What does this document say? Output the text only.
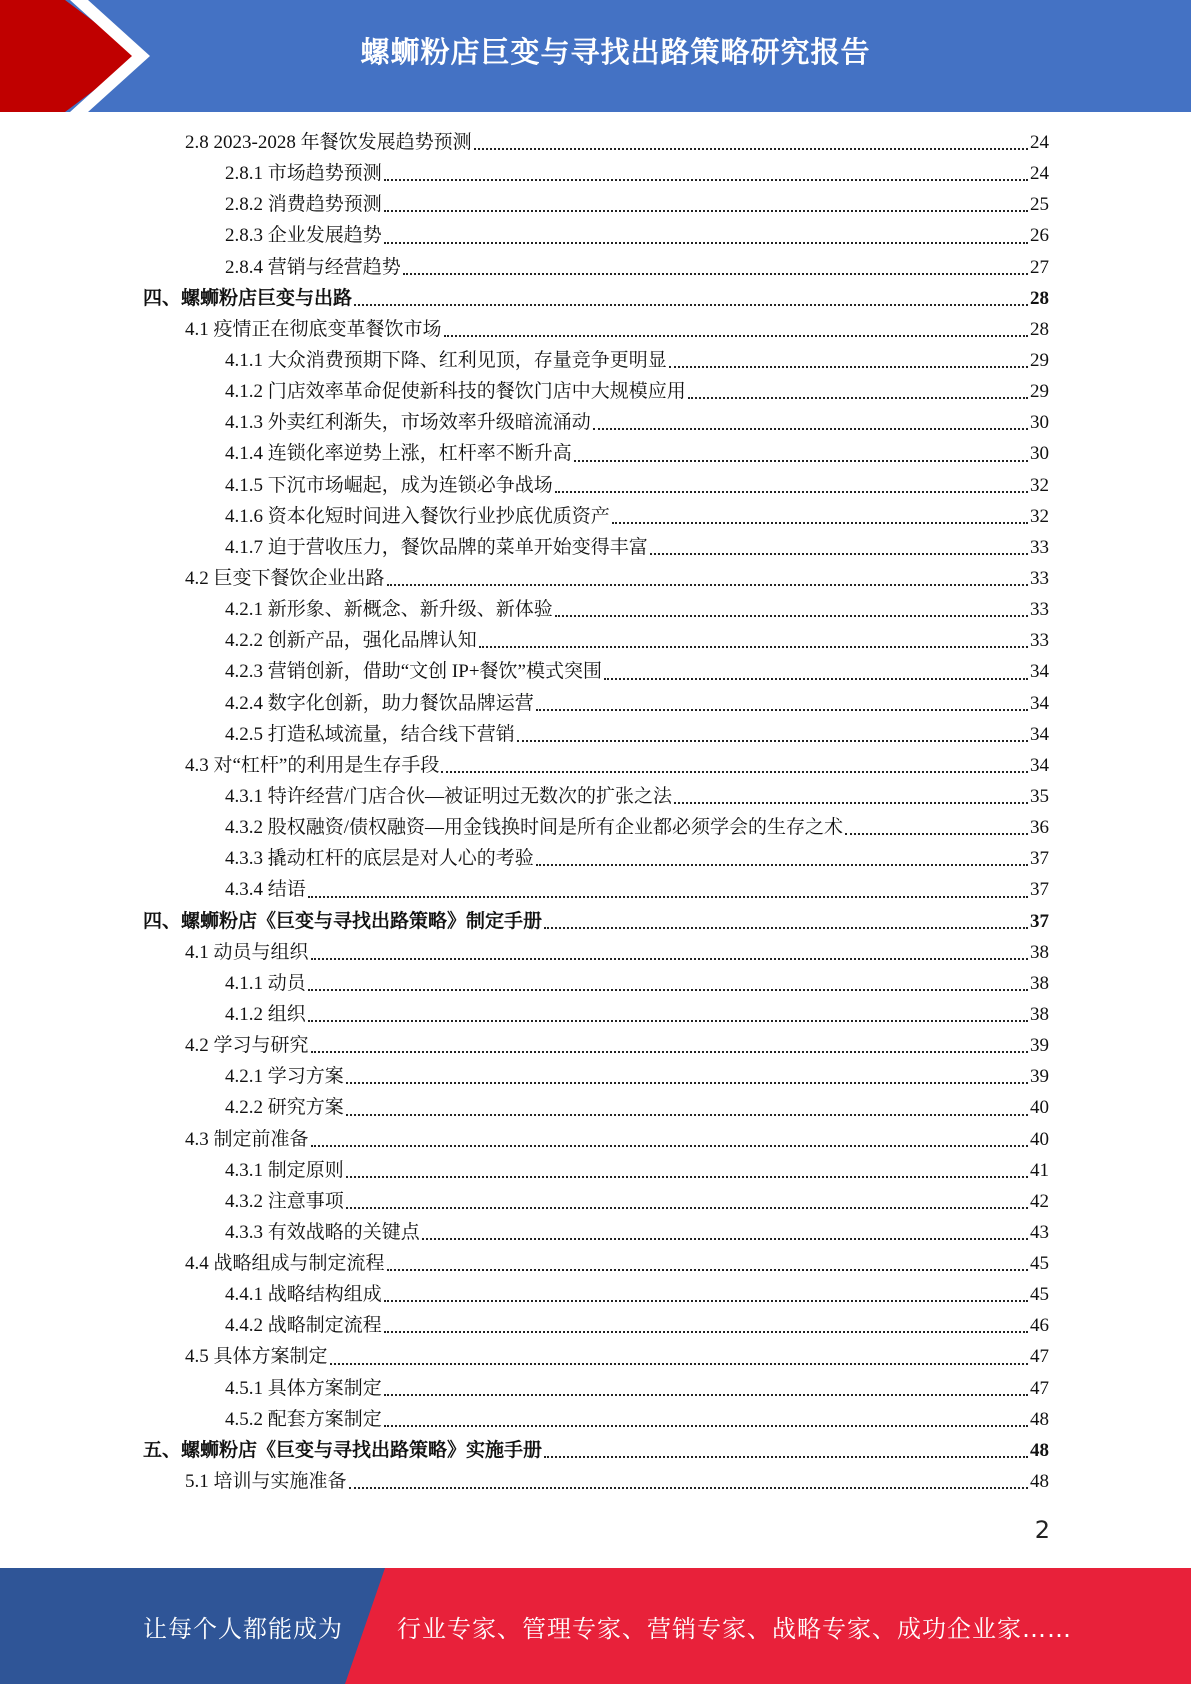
螺蛳粉店巨变与寻找出路策略研究报告
2.8 2023-2028 年餐饮发展趋势预测	24
2.8.1 市场趋势预测	24
2.8.2 消费趋势预测	25
2.8.3 企业发展趋势	26
2.8.4 营销与经营趋势	27
四、螺蛳粉店巨变与出路	28
4.1 疫情正在彻底变革餐饮市场	28
4.1.1 大众消费预期下降、红利见顶，存量竞争更明显	29
4.1.2 门店效率革命促使新科技的餐饮门店中大规模应用	29
4.1.3 外卖红利渐失，市场效率升级暗流涌动	30
4.1.4 连锁化率逆势上涨，杠杆率不断升高	30
4.1.5 下沉市场崛起，成为连锁必争战场	32
4.1.6 资本化短时间进入餐饮行业抄底优质资产	32
4.1.7 迫于营收压力，餐饮品牌的菜单开始变得丰富	33
4.2 巨变下餐饮企业出路	33
4.2.1 新形象、新概念、新升级、新体验	33
4.2.2 创新产品，强化品牌认知	33
4.2.3 营销创新，借助“文创 IP+餐饮”模式突围	34
4.2.4 数字化创新，助力餐饮品牌运营	34
4.2.5 打造私域流量，结合线下营销	34
4.3 对“杠杆”的利用是生存手段	34
4.3.1 特许经营/门店合伙—被证明过无数次的扩张之法	35
4.3.2 股权融资/债权融资—用金钱换时间是所有企业都必须学会的生存之术	36
4.3.3 撬动杠杆的底层是对人心的考验	37
4.3.4 结语	37
四、螺蛳粉店《巨变与寻找出路策略》制定手册	37
4.1 动员与组织	38
4.1.1 动员	38
4.1.2 组织	38
4.2 学习与研究	39
4.2.1 学习方案	39
4.2.2 研究方案	40
4.3 制定前准备	40
4.3.1 制定原则	41
4.3.2 注意事项	42
4.3.3 有效战略的关键点	43
4.4 战略组成与制定流程	45
4.4.1 战略结构组成	45
4.4.2 战略制定流程	46
4.5 具体方案制定	47
4.5.1 具体方案制定	47
4.5.2 配套方案制定	48
五、螺蛳粉店《巨变与寻找出路策略》实施手册	48
5.1 培训与实施准备	48
2
让每个人都能成为 行业专家、管理专家、营销专家、战略专家、成功企业家……
